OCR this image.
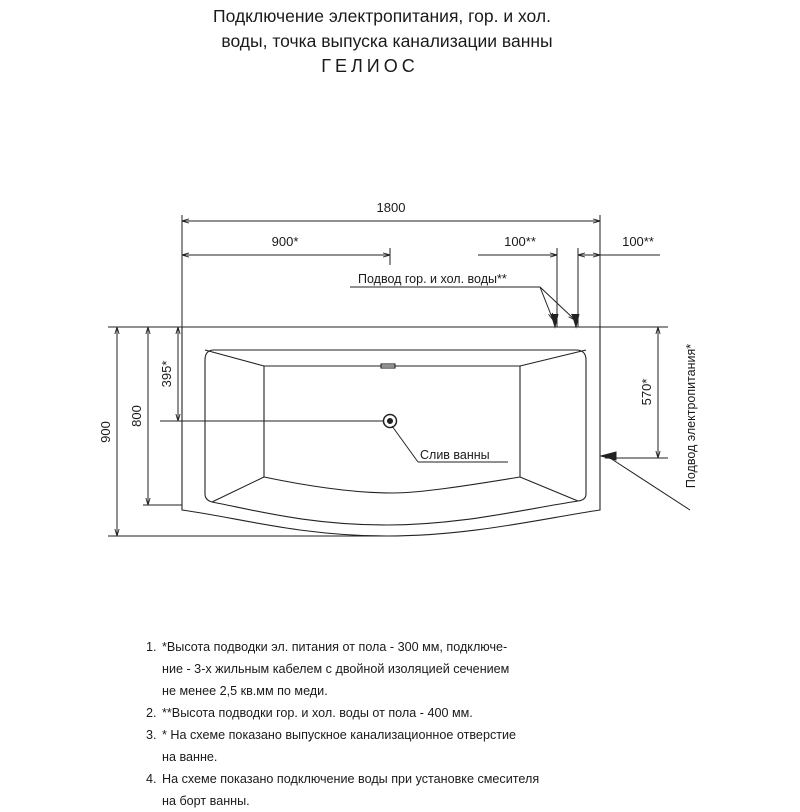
Подключение электропитания, гор. и хол.
воды, точка выпуска канализации ванны
ГЕЛИОС
1800
900*	100**	100**
Подвод гор. и хол. воды**
Слив ванны
900
800
395*
570* Подвод электропитания*
1. *Высота подводки эл. питания от пола - 300 мм, подключе-
ние - 3-х жильным кабелем с двойной изоляцией сечением
не менее 2,5 кв.мм по меди.
2. **Высота подводки гор. и хол. воды от пола - 400 мм.
3. * На схеме показано выпускное канализационное отверстие
на ванне.
4. На схеме показано подключение воды при установке смесителя
на борт ванны.
